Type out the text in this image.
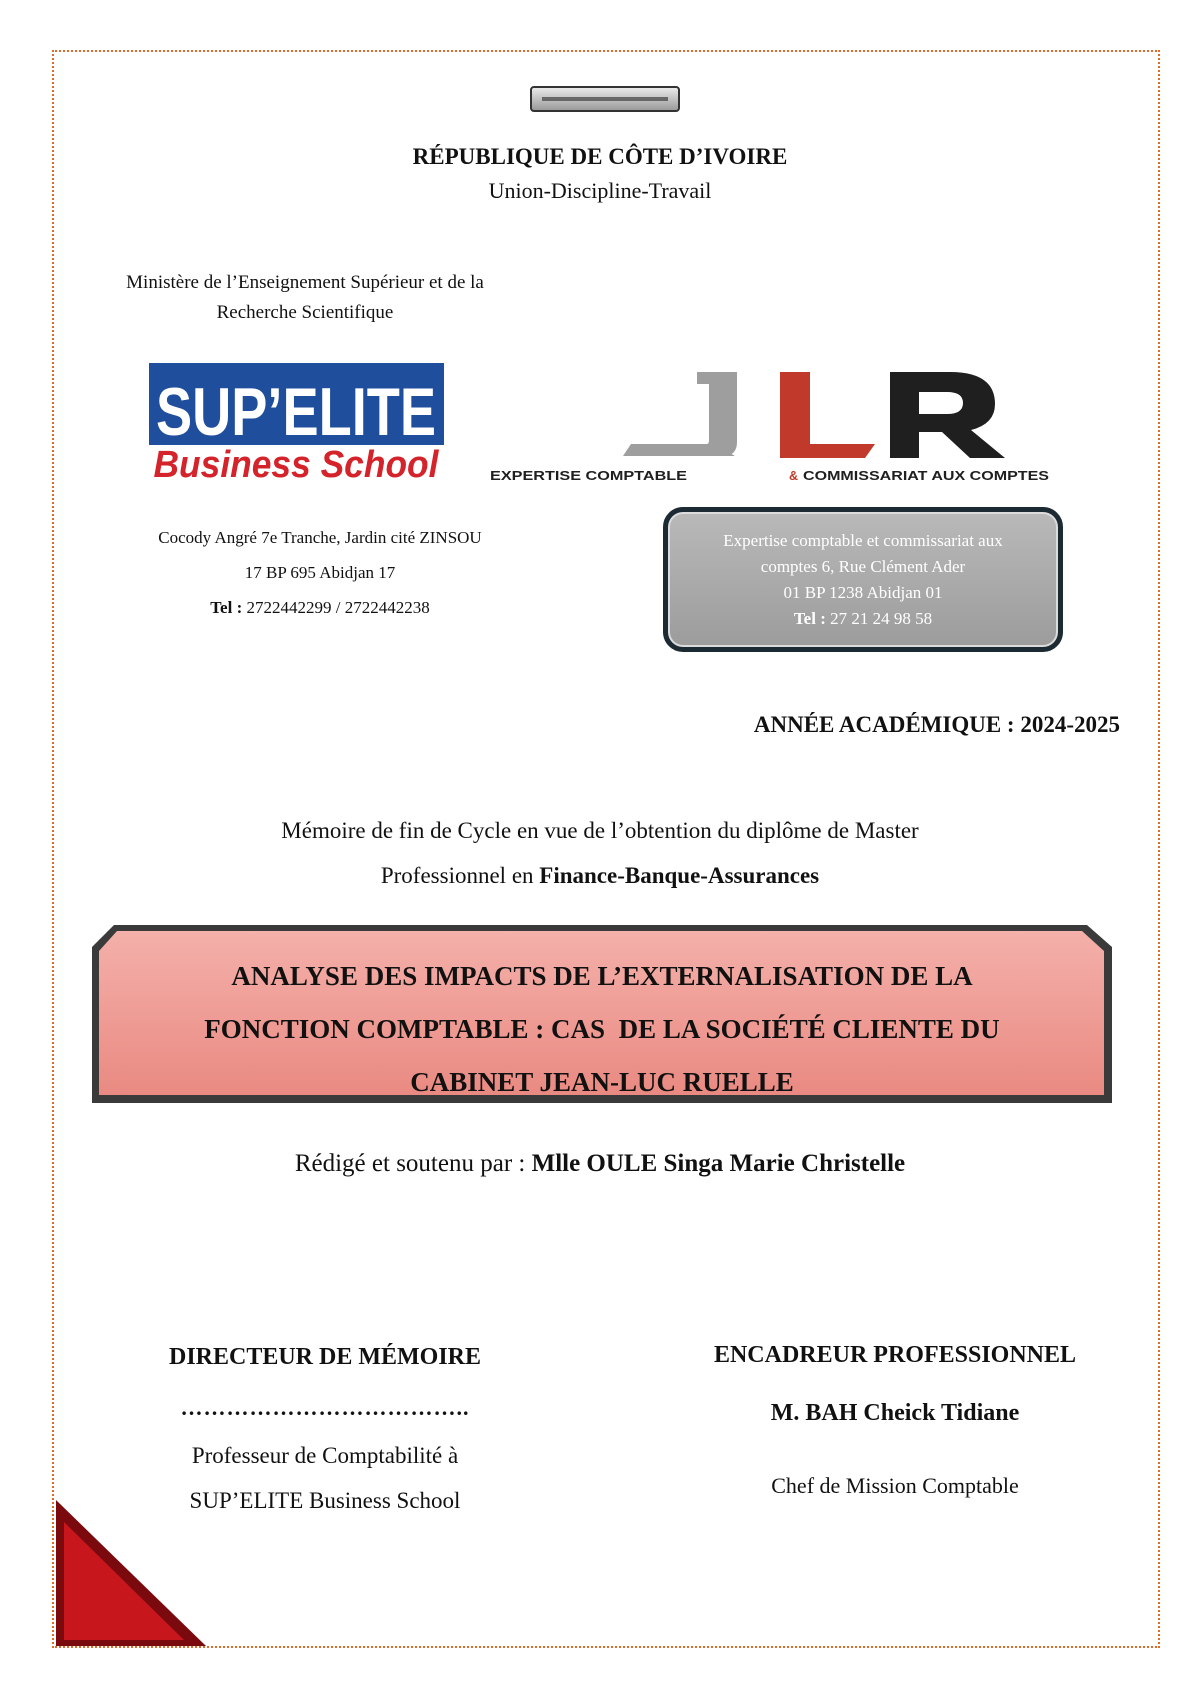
RÉPUBLIQUE DE CÔTE D’IVOIRE
Union-Discipline-Travail
Ministère de l’Enseignement Supérieur et de la
Recherche Scientifique
SUP’ELITE
Business School	EXPERTISE COMPTABLE	& COMMISSARIAT AUX COMPTES
Cocody Angré 7e Tranche, Jardin cité ZINSOU
17 BP 695 Abidjan 17
Tel : 2722442299 / 2722442238
Expertise comptable et commissariat aux
comptes 6, Rue Clément Ader
01 BP 1238 Abidjan 01
Tel : 27 21 24 98 58
ANNÉE ACADÉMIQUE : 2024-2025
Mémoire de fin de Cycle en vue de l’obtention du diplôme de Master
Professionnel en Finance-Banque-Assurances
ANALYSE DES IMPACTS DE L’EXTERNALISATION DE LA
FONCTION COMPTABLE : CAS  DE LA SOCIÉTÉ CLIENTE DU
CABINET JEAN-LUC RUELLE
Rédigé et soutenu par : Mlle OULE Singa Marie Christelle
DIRECTEUR DE MÉMOIRE
………………………………..
Professeur de Comptabilité à
SUP’ELITE Business School
ENCADREUR PROFESSIONNEL
M. BAH Cheick Tidiane
Chef de Mission Comptable
